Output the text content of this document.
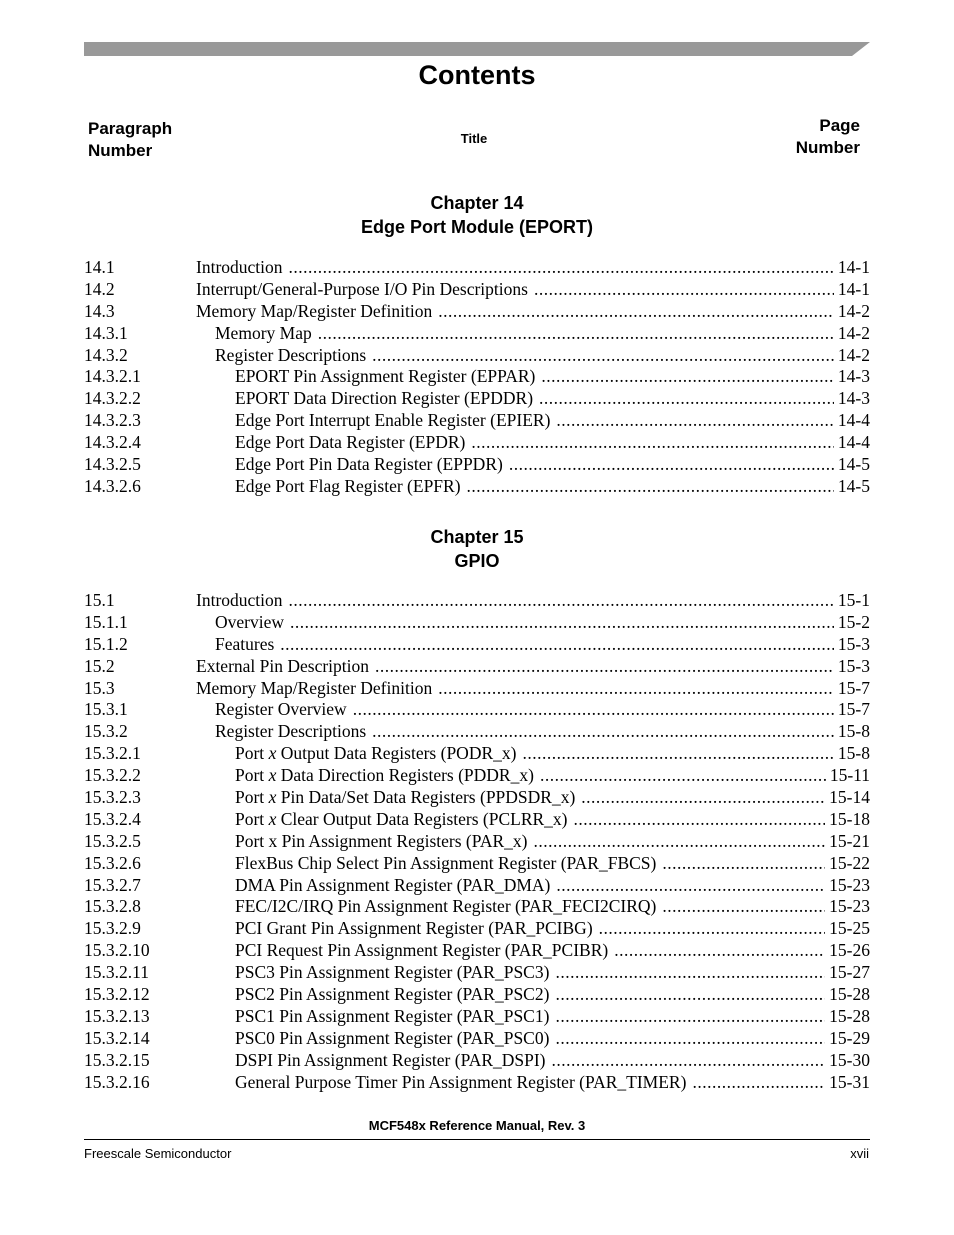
Contents
Paragraph
Number
Title
Page
Number
Chapter 14
Edge Port Module (EPORT)
14.1	Introduction .....	14-1
14.2	Interrupt/General-Purpose I/O Pin Descriptions .....	14-1
14.3	Memory Map/Register Definition .....	14-2
14.3.1	Memory Map .....	14-2
14.3.2	Register Descriptions .....	14-2
14.3.2.1	EPORT Pin Assignment Register (EPPAR) .....	14-3
14.3.2.2	EPORT Data Direction Register (EPDDR) .....	14-3
14.3.2.3	Edge Port Interrupt Enable Register (EPIER) .....	14-4
14.3.2.4	Edge Port Data Register (EPDR) .....	14-4
14.3.2.5	Edge Port Pin Data Register (EPPDR) .....	14-5
14.3.2.6	Edge Port Flag Register (EPFR) .....	14-5
Chapter 15
GPIO
15.1	Introduction .....	15-1
15.1.1	Overview .....	15-2
15.1.2	Features .....	15-3
15.2	External Pin Description .....	15-3
15.3	Memory Map/Register Definition .....	15-7
15.3.1	Register Overview .....	15-7
15.3.2	Register Descriptions .....	15-8
15.3.2.1	Port x Output Data Registers (PODR_x) .....	15-8
15.3.2.2	Port x Data Direction Registers (PDDR_x) .....	15-11
15.3.2.3	Port x Pin Data/Set Data Registers (PPDSDR_x) .....	15-14
15.3.2.4	Port x Clear Output Data Registers (PCLRR_x) .....	15-18
15.3.2.5	Port x Pin Assignment Registers (PAR_x) .....	15-21
15.3.2.6	FlexBus Chip Select Pin Assignment Register (PAR_FBCS) .....	15-22
15.3.2.7	DMA Pin Assignment Register (PAR_DMA) .....	15-23
15.3.2.8	FEC/I2C/IRQ Pin Assignment Register (PAR_FECI2CIRQ) .....	15-23
15.3.2.9	PCI Grant Pin Assignment Register (PAR_PCIBG) .....	15-25
15.3.2.10	PCI Request Pin Assignment Register (PAR_PCIBR) .....	15-26
15.3.2.11	PSC3 Pin Assignment Register (PAR_PSC3) .....	15-27
15.3.2.12	PSC2 Pin Assignment Register (PAR_PSC2) .....	15-28
15.3.2.13	PSC1 Pin Assignment Register (PAR_PSC1) .....	15-28
15.3.2.14	PSC0 Pin Assignment Register (PAR_PSC0) .....	15-29
15.3.2.15	DSPI Pin Assignment Register (PAR_DSPI) .....	15-30
15.3.2.16	General Purpose Timer Pin Assignment Register (PAR_TIMER) .....	15-31
MCF548x Reference Manual, Rev. 3
Freescale Semiconductor	xvii
